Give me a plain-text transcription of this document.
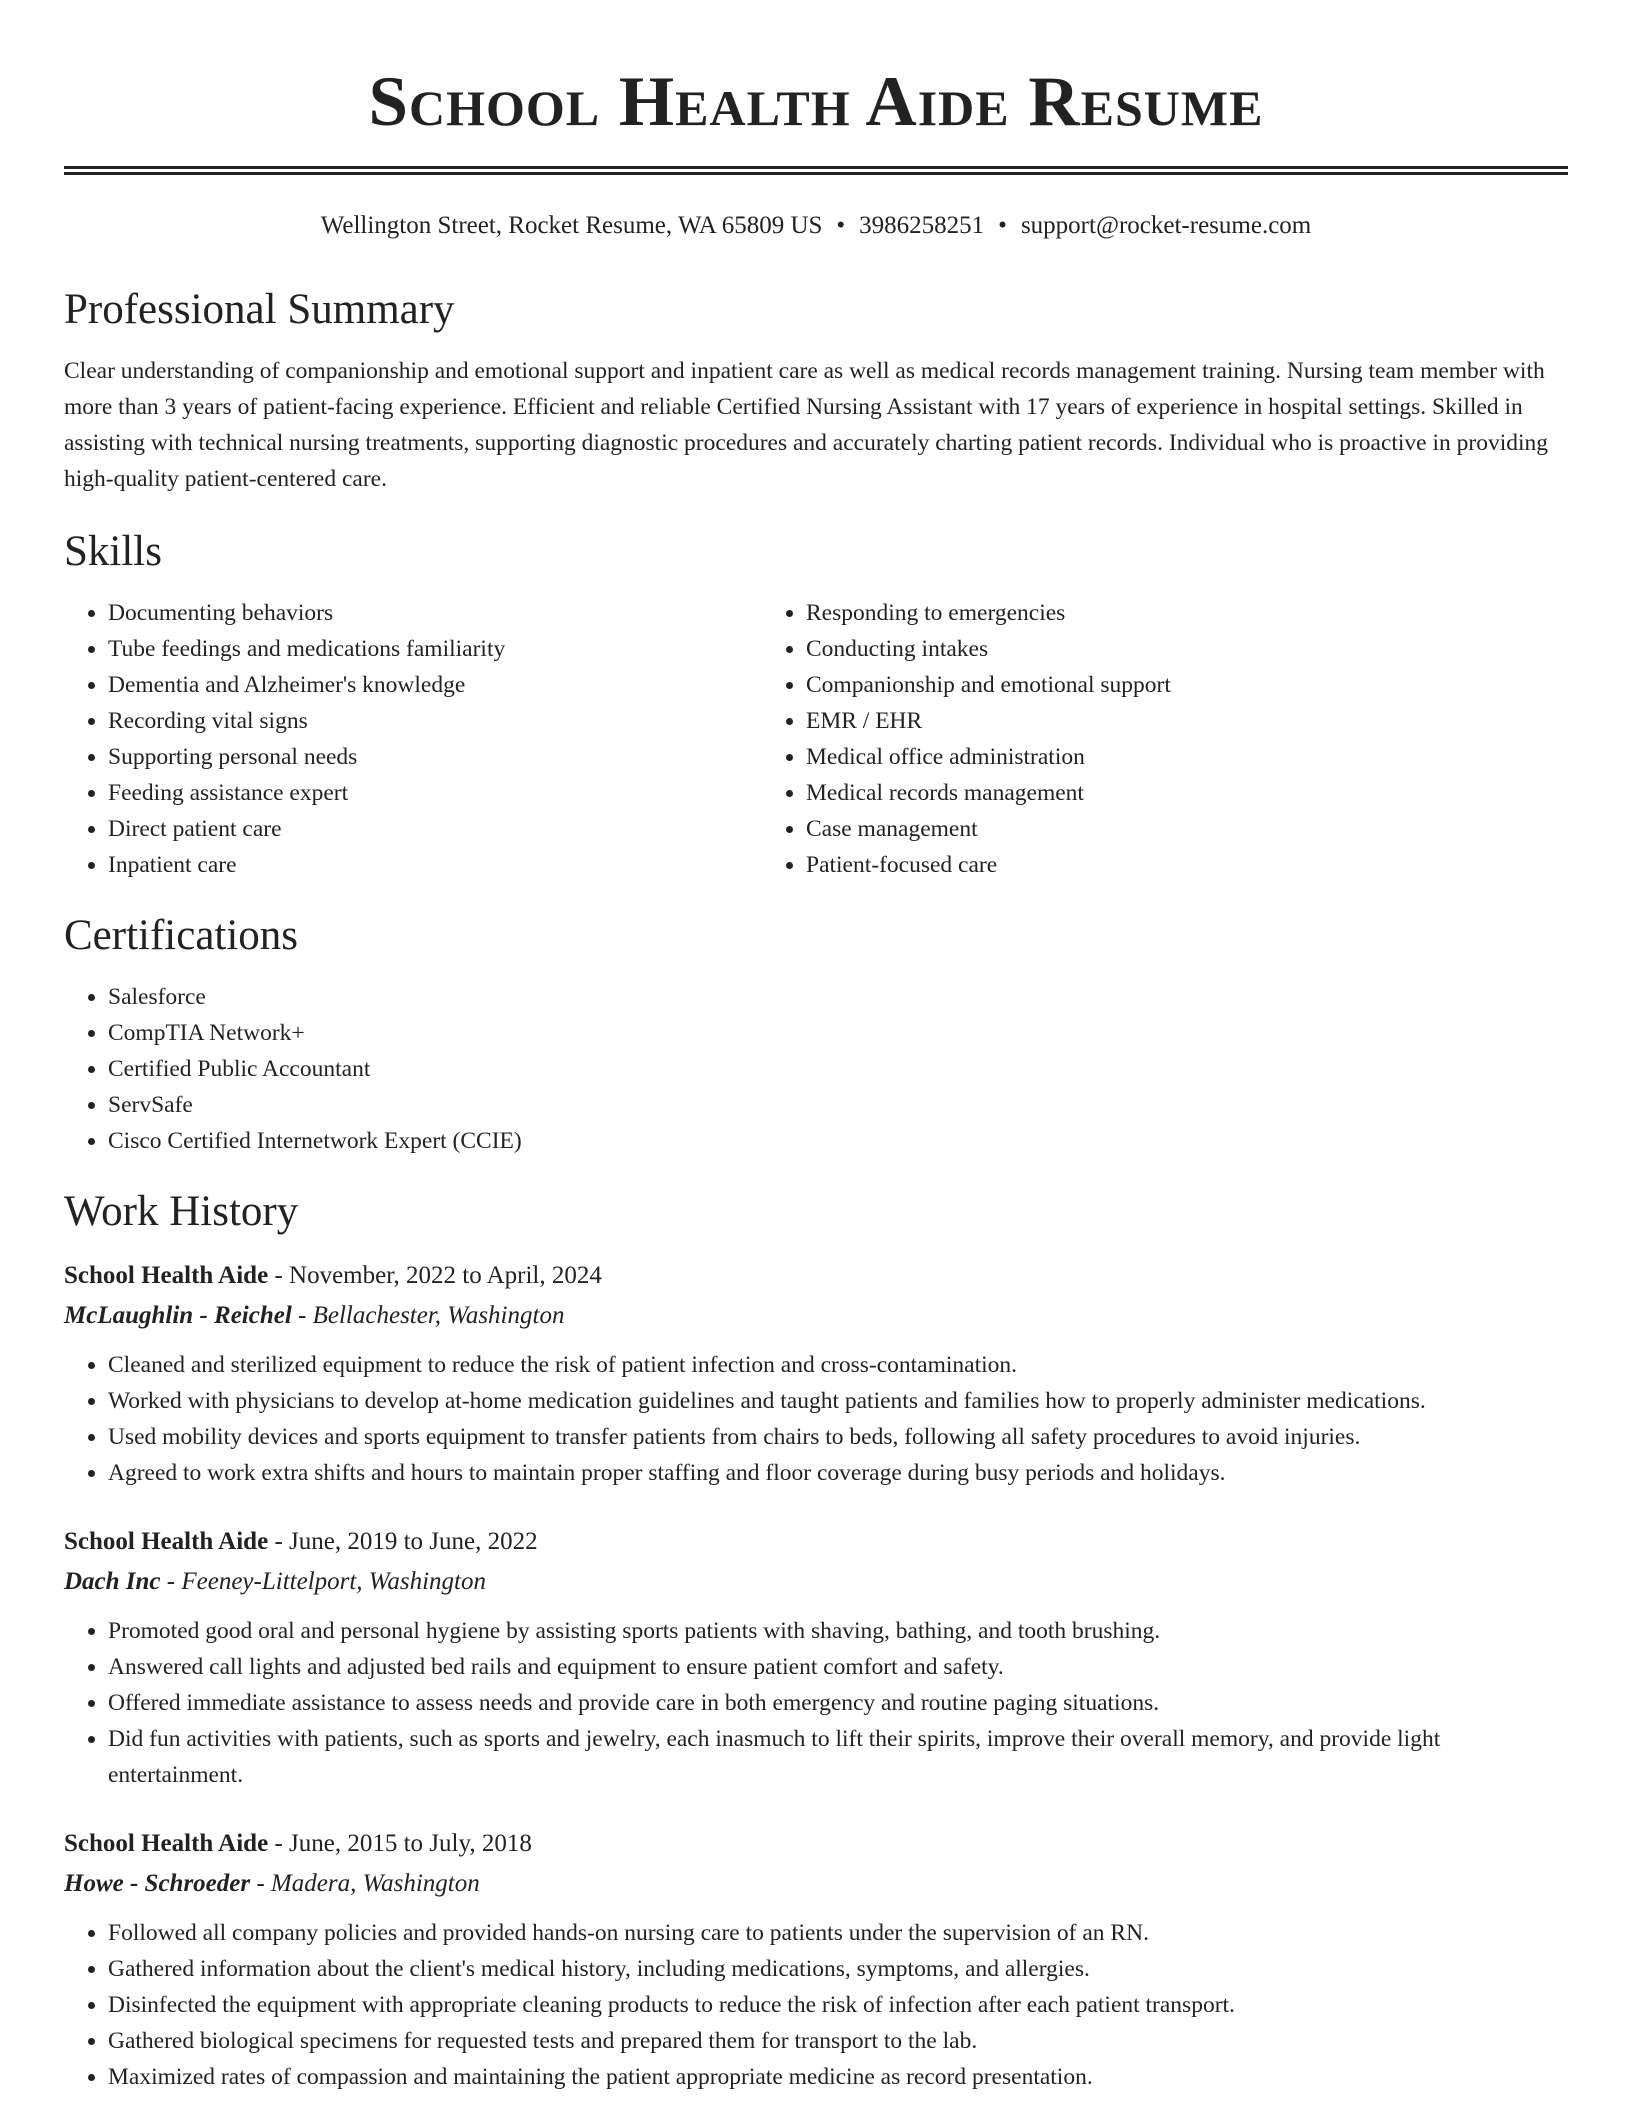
School Health Aide Resume
Wellington Street, Rocket Resume, WA 65809 US • 3986258251 • support@rocket-resume.com
Professional Summary

Clear understanding of companionship and emotional support and inpatient care as well as medical records management training. Nursing team member with more than 3 years of patient-facing experience. Efficient and reliable Certified Nursing Assistant with 17 years of experience in hospital settings. Skilled in assisting with technical nursing treatments, supporting diagnostic procedures and accurately charting patient records. Individual who is proactive in providing high-quality patient-centered care.

Skills
• Documenting behaviors
• Tube feedings and medications familiarity
• Dementia and Alzheimer's knowledge
• Recording vital signs
• Supporting personal needs
• Feeding assistance expert
• Direct patient care
• Inpatient care
• Responding to emergencies
• Conducting intakes
• Companionship and emotional support
• EMR / EHR
• Medical office administration
• Medical records management
• Case management
• Patient-focused care
Certifications
• Salesforce
• CompTIA Network+
• Certified Public Accountant
• ServSafe
• Cisco Certified Internetwork Expert (CCIE)
Work History
School Health Aide - November, 2022 to April, 2024
McLaughlin - Reichel - Bellachester, Washington
• Cleaned and sterilized equipment to reduce the risk of patient infection and cross-contamination.
• Worked with physicians to develop at-home medication guidelines and taught patients and families how to properly administer medications.
• Used mobility devices and sports equipment to transfer patients from chairs to beds, following all safety procedures to avoid injuries.
• Agreed to work extra shifts and hours to maintain proper staffing and floor coverage during busy periods and holidays.
School Health Aide - June, 2019 to June, 2022
Dach Inc - Feeney-Littelport, Washington
• Promoted good oral and personal hygiene by assisting sports patients with shaving, bathing, and tooth brushing.
• Answered call lights and adjusted bed rails and equipment to ensure patient comfort and safety.
• Offered immediate assistance to assess needs and provide care in both emergency and routine paging situations.
• Did fun activities with patients, such as sports and jewelry, each inasmuch to lift their spirits, improve their overall memory, and provide light entertainment.
School Health Aide - June, 2015 to July, 2018
Howe - Schroeder - Madera, Washington
• Followed all company policies and provided hands-on nursing care to patients under the supervision of an RN.
• Gathered information about the client's medical history, including medications, symptoms, and allergies.
• Disinfected the equipment with appropriate cleaning products to reduce the risk of infection after each patient transport.
• Gathered biological specimens for requested tests and prepared them for transport to the lab.
• Maximized rates of compassion and maintaining the patient appropriate medicine as record presentation.
